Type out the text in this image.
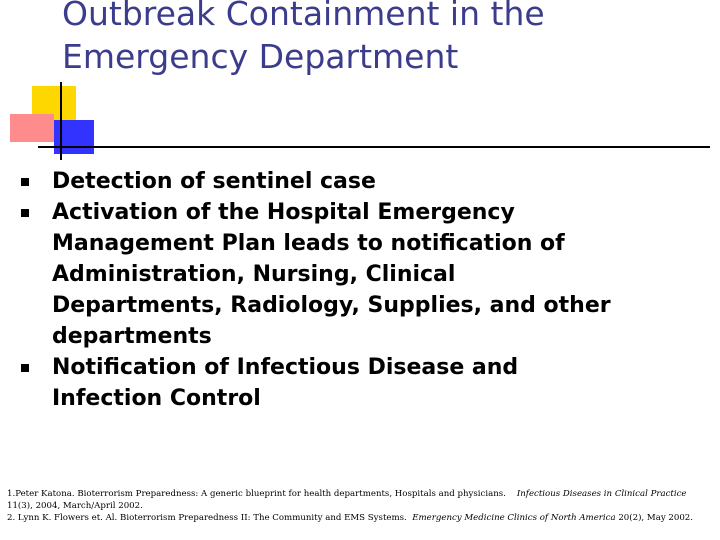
Outbreak Containment in the
Emergency Department
Detection of sentinel case
Activation of the Hospital Emergency
Management Plan leads to notification of
Administration, Nursing, Clinical
Departments, Radiology, Supplies, and other
departments
Notification of Infectious Disease and
Infection Control

1.Peter Katona. Bioterrorism Preparedness: A generic blueprint for health departments, Hospitals and physicians. Infectious Diseases in Clinical Practice 11(3), 2004, March/April 2002.

2. Lynn K. Flowers et. Al. Bioterrorism Preparedness II: The Community and EMS Systems. Emergency Medicine Clinics of North America 20(2), May 2002.
